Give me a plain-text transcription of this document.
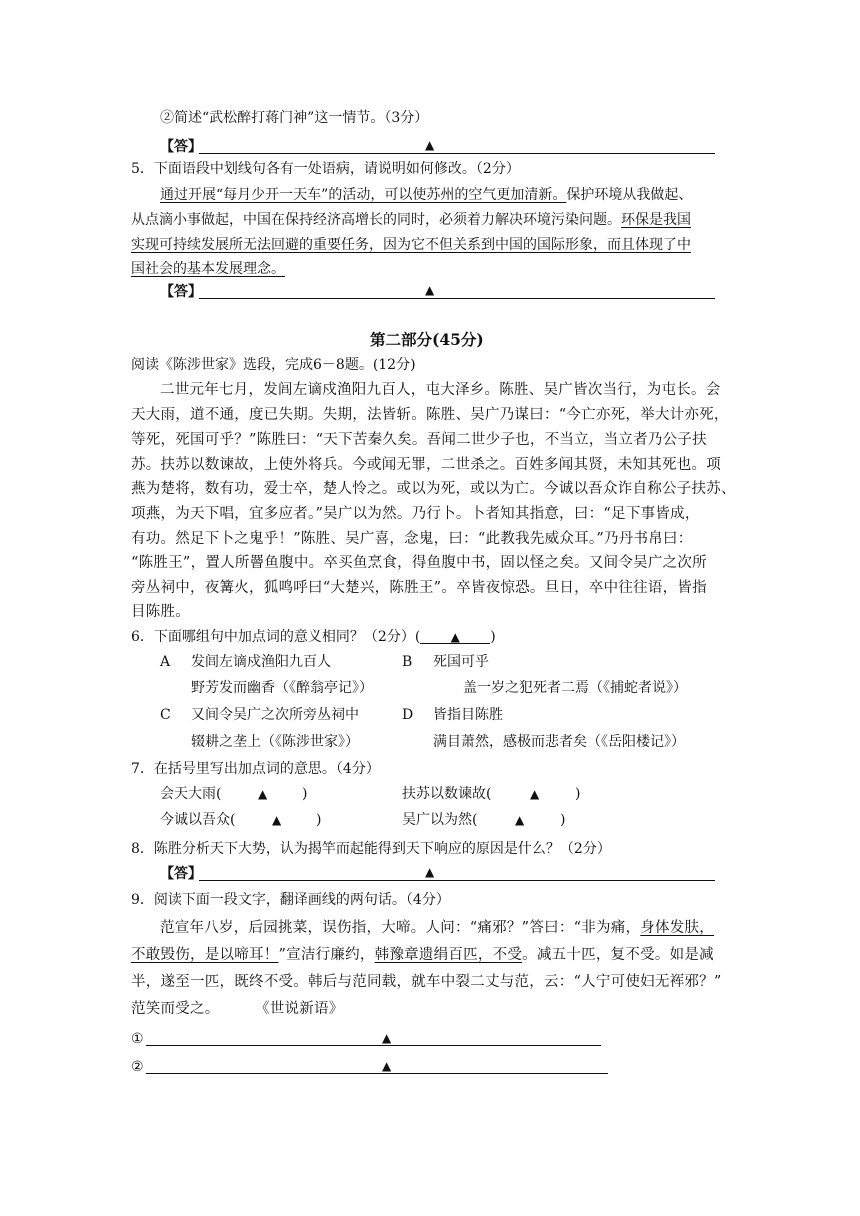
②简述“武松醉打蒋门神”这一情节。（3分）
【答】	▲
5．下面语段中划线句各有一处语病，请说明如何修改。（2分）
通过开展“每月少开一天车”的活动，可以使苏州的空气更加清新。保护环境从我做起、
从点滴小事做起，中国在保持经济高增长的同时，必须着力解决环境污染问题。环保是我国
实现可持续发展所无法回避的重要任务，因为它不但关系到中国的国际形象，而且体现了中
国社会的基本发展理念。
【答】	▲
第二部分(45分)
阅读《陈涉世家》选段，完成6－8题。(12分)
二世元年七月，发闾左谪戍渔阳九百人，屯大泽乡。陈胜、吴广皆次当行，为屯长。会
天大雨，道不通，度已失期。失期，法皆斩。陈胜、吴广乃谋曰：“今亡亦死，举大计亦死，
等死，死国可乎？”陈胜曰：“天下苦秦久矣。吾闻二世少子也，不当立，当立者乃公子扶
苏。扶苏以数谏故，上使外将兵。今或闻无罪，二世杀之。百姓多闻其贤，未知其死也。项
燕为楚将，数有功，爱士卒，楚人怜之。或以为死，或以为亡。今诚以吾众诈自称公子扶苏、
项燕，为天下唱，宜多应者。”吴广以为然。乃行卜。卜者知其指意，曰：“足下事皆成，
有功。然足下卜之鬼乎！”陈胜、吴广喜，念鬼，曰：“此教我先威众耳。”乃丹书帛曰：
“陈胜王”，置人所罾鱼腹中。卒买鱼烹食，得鱼腹中书，固以怪之矣。又间令吴广之次所
旁丛祠中，夜篝火，狐鸣呼曰“大楚兴，陈胜王”。卒皆夜惊恐。旦日，卒中往往语，皆指
目陈胜。
6．下面哪组句中加点词的意义相同？（2分）(	▲ )
A 发闾左谪戍渔阳九百人	B 死国可乎
野芳发而幽香（《醉翁亭记》）	盖一岁之犯死者二焉（《捕蛇者说》）
C 又间令吴广之次所旁丛祠中	D 皆指目陈胜
辍耕之垄上（《陈涉世家》）	满目萧然，感极而悲者矣（《岳阳楼记》）
7．在括号里写出加点词的意思。（4分）
会天大雨(	▲ )	扶苏以数谏故(	▲	)
今诚以吾众(	▲ )	吴广以为然(	▲	)
8．陈胜分析天下大势，认为揭竿而起能得到天下响应的原因是什么？（2分）
【答】	▲
9．阅读下面一段文字，翻译画线的两句话。（4分）
范宣年八岁，后园挑菜，误伤指，大啼。人问：“痛邪？”答曰：“非为痛，身体发肤，
不敢毁伤，是以啼耳！”宣洁行廉约，韩豫章遗绢百匹，不受。减五十匹，复不受。如是减
半，遂至一匹，既终不受。韩后与范同载，就车中裂二丈与范，云：“人宁可使妇无裈邪？”
范笑而受之。 《世说新语》
①	▲
②	▲
